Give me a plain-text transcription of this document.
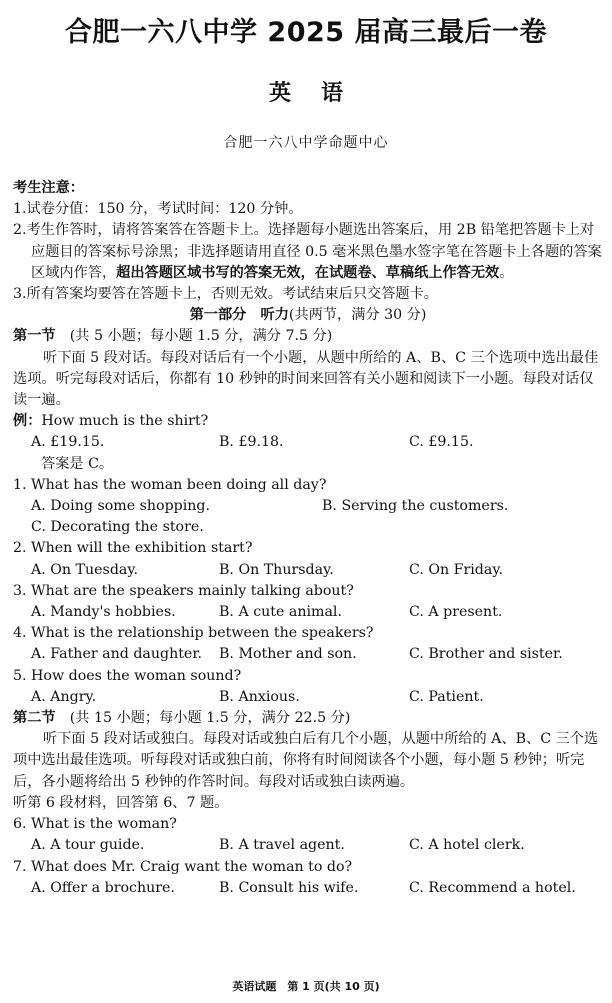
合肥一六八中学 2025 届高三最后一卷
英语
合肥一六八中学命题中心

考生注意：

1.试卷分值：150 分，考试时间：120 分钟。

2.考生作答时，请将答案答在答题卡上。选择题每小题选出答案后，用 2B 铅笔把答题卡上对应题目的答案标号涂黑；非选择题请用直径 0.5 毫米黑色墨水签字笔在答题卡上各题的答案区域内作答，超出答题区域书写的答案无效，在试题卷、草稿纸上作答无效。

3.所有答案均要答在答题卡上，否则无效。考试结束后只交答题卡。

第一部分　听力(共两节，满分 30 分)

第一节　(共 5 小题；每小题 1.5 分，满分 7.5 分)

听下面 5 段对话。每段对话后有一个小题，从题中所给的 A、B、C 三个选项中选出最佳选项。听完每段对话后，你都有 10 秒钟的时间来回答有关小题和阅读下一小题。每段对话仅读一遍。

例：How much is the shirt?

A. £19.15.	B. £9.18.	C. £9.15.

答案是 C。

1. What has the woman been doing all day?

A. Doing some shopping.	B. Serving the customers.
C. Decorating the store.

2. When will the exhibition start?

A. On Tuesday.	B. On Thursday.	C. On Friday.

3. What are the speakers mainly talking about?

A. Mandy's hobbies.	B. A cute animal.	C. A present.

4. What is the relationship between the speakers?

A. Father and daughter.	B. Mother and son.	C. Brother and sister.

5. How does the woman sound?

A. Angry.	B. Anxious.	C. Patient.

第二节　(共 15 小题；每小题 1.5 分，满分 22.5 分)

听下面 5 段对话或独白。每段对话或独白后有几个小题，从题中所给的 A、B、C 三个选项中选出最佳选项。听每段对话或独白前，你将有时间阅读各个小题，每小题 5 秒钟；听完后，各小题将给出 5 秒钟的作答时间。每段对话或独白读两遍。

听第 6 段材料，回答第 6、7 题。

6. What is the woman?

A. A tour guide.	B. A travel agent.	C. A hotel clerk.

7. What does Mr. Craig want the woman to do?

A. Offer a brochure.	B. Consult his wife.	C. Recommend a hotel.
英语试题　第 1 页(共 10 页)
